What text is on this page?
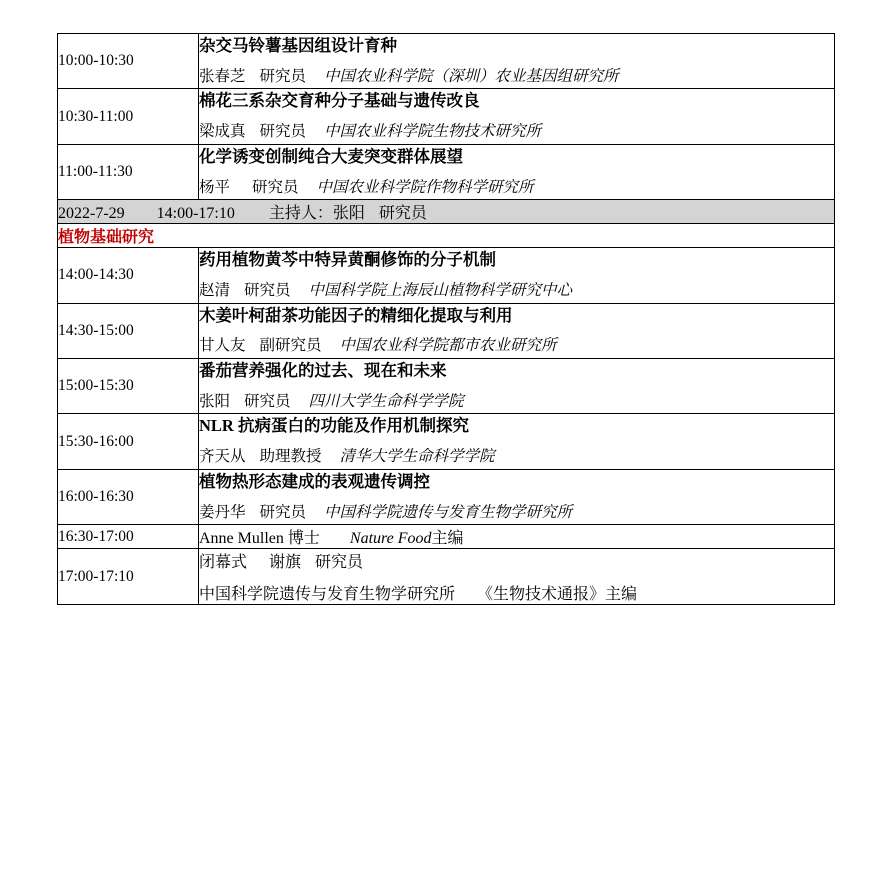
10:00-10:30	杂交马铃薯基因组设计育种
张春芝 研究员 中国农业科学院（深圳）农业基因组研究所

10:30-11:00	棉花三系杂交育种分子基础与遗传改良
梁成真 研究员 中国农业科学院生物技术研究所

11:00-11:30	化学诱变创制纯合大麦突变群体展望
杨平 研究员 中国农业科学院作物科学研究所

2022-7-29 14:00-17:10 主持人：张阳 研究员	
植物基础研究	
14:00-14:30	药用植物黄芩中特异黄酮修饰的分子机制
赵清 研究员 中国科学院上海辰山植物科学研究中心

14:30-15:00	木姜叶柯甜茶功能因子的精细化提取与利用
甘人友 副研究员 中国农业科学院都市农业研究所

15:00-15:30	番茄营养强化的过去、现在和未来
张阳 研究员 四川大学生命科学学院

15:30-16:00	NLR 抗病蛋白的功能及作用机制探究
齐天从 助理教授 清华大学生命科学学院

16:00-16:30	植物热形态建成的表观遗传调控
姜丹华 研究员 中国科学院遗传与发育生物学研究所

16:30-17:00	Anne Mullen 博士 Nature Food主编
17:00-17:10	闭幕式 谢旗 研究员
中国科学院遗传与发育生物学研究所 《生物技术通报》主编
